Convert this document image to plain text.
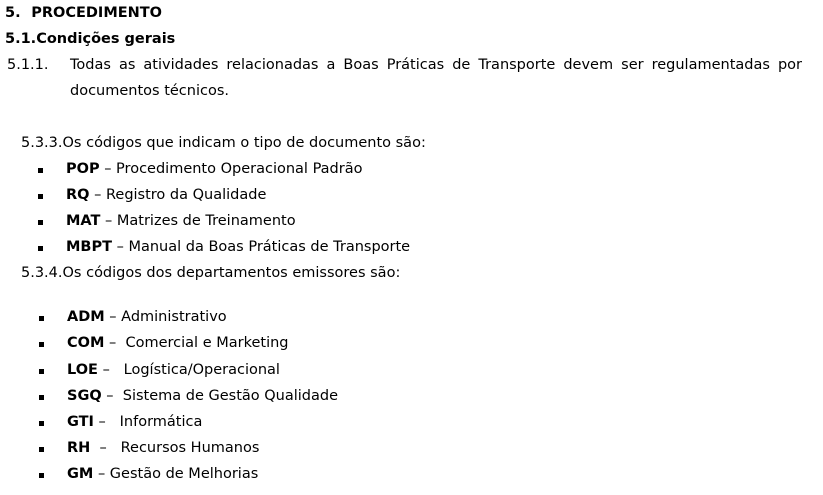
5. PROCEDIMENTO
5.1.Condições gerais
5.1.1. Todas as atividades relacionadas a Boas Práticas de Transporte devem ser regulamentadas por
documentos técnicos.
5.3.3.Os códigos que indicam o tipo de documento são:
POP – Procedimento Operacional Padrão
RQ – Registro da Qualidade
MAT – Matrizes de Treinamento
MBPT – Manual da Boas Práticas de Transporte
5.3.4.Os códigos dos departamentos emissores são:
ADM – Administrativo
COM –  Comercial e Marketing
LOE –   Logística/Operacional
SGQ –  Sistema de Gestão Qualidade
GTI –   Informática
RH  –   Recursos Humanos
GM – Gestão de Melhorias
